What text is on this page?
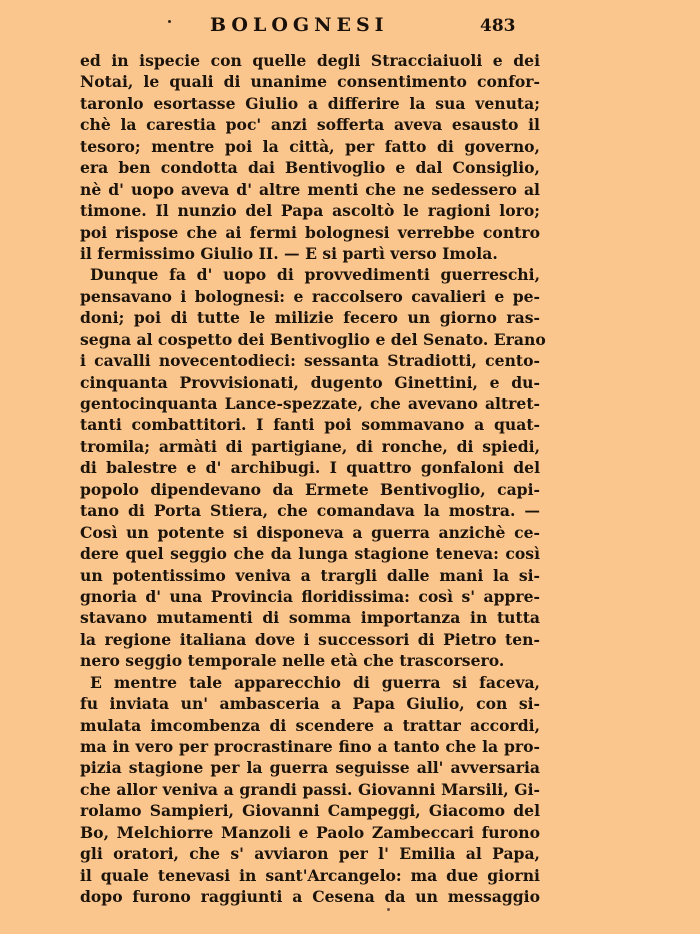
BOLOGNESI	483
ed in ispecie con quelle degli Stracciaiuoli e dei
Notai, le quali di unanime consentimento confor-
taronlo esortasse Giulio a differire la sua venuta;
chè la carestia poc' anzi sofferta aveva esausto il
tesoro; mentre poi la città, per fatto di governo,
era ben condotta dai Bentivoglio e dal Consiglio,
nè d' uopo aveva d' altre menti che ne sedessero al
timone. Il nunzio del Papa ascoltò le ragioni loro;
poi rispose che ai fermi bolognesi verrebbe contro
il fermissimo Giulio II. — E si partì verso Imola.
Dunque fa d' uopo di provvedimenti guerreschi,
pensavano i bolognesi: e raccolsero cavalieri e pe-
doni; poi di tutte le milizie fecero un giorno ras-
segna al cospetto dei Bentivoglio e del Senato. Erano
i cavalli novecentodieci: sessanta Stradiotti, cento-
cinquanta Provvisionati, dugento Ginettini, e du-
gentocinquanta Lance-spezzate, che avevano altret-
tanti combattitori. I fanti poi sommavano a quat-
tromila; armàti di partigiane, di ronche, di spiedi,
di balestre e d' archibugi. I quattro gonfaloni del
popolo dipendevano da Ermete Bentivoglio, capi-
tano di Porta Stiera, che comandava la mostra. —
Così un potente si disponeva a guerra anzichè ce-
dere quel seggio che da lunga stagione teneva: così
un potentissimo veniva a trargli dalle mani la si-
gnoria d' una Provincia floridissima: così s' appre-
stavano mutamenti di somma importanza in tutta
la regione italiana dove i successori di Pietro ten-
nero seggio temporale nelle età che trascorsero.
E mentre tale apparecchio di guerra si faceva,
fu inviata un' ambasceria a Papa Giulio, con si-
mulata imcombenza di scendere a trattar accordi,
ma in vero per procrastinare fino a tanto che la pro-
pizia stagione per la guerra seguisse all' avversaria
che allor veniva a grandi passi. Giovanni Marsili, Gi-
rolamo Sampieri, Giovanni Campeggi, Giacomo del
Bo, Melchiorre Manzoli e Paolo Zambeccari furono
gli oratori, che s' avviaron per l' Emilia al Papa,
il quale tenevasi in sant'Arcangelo: ma due giorni
dopo furono raggiunti a Cesena da un messaggio
